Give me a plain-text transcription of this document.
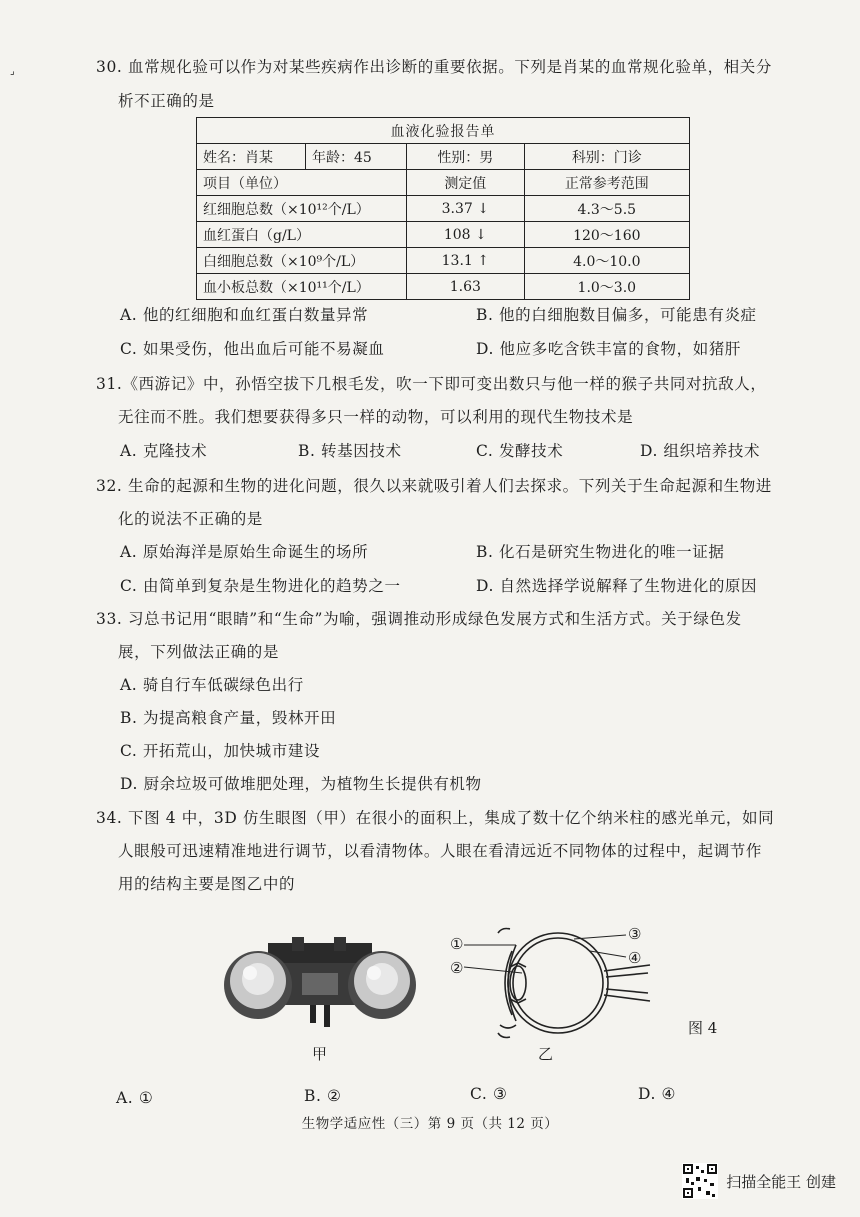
⌟	30. 血常规化验可以作为对某些疾病作出诊断的重要依据。下列是肖某的血常规化验单，相关分
析不正确的是
血液化验报告单			
姓名：肖某	年龄：45	性别：男	科别：门诊
项目（单位）		测定值	正常参考范围
红细胞总数（×10¹²个/L）		3.37 ↓	4.3～5.5
血红蛋白（g/L）		108 ↓	120～160
白细胞总数（×10⁹个/L）		13.1 ↑	4.0～10.0
血小板总数（×10¹¹个/L）		1.63	1.0～3.0
A. 他的红细胞和血红蛋白数量异常	B. 他的白细胞数目偏多，可能患有炎症
C. 如果受伤，他出血后可能不易凝血	D. 他应多吃含铁丰富的食物，如猪肝
31.《西游记》中，孙悟空拔下几根毛发，吹一下即可变出数只与他一样的猴子共同对抗敌人，
无往而不胜。我们想要获得多只一样的动物，可以利用的现代生物技术是
A. 克隆技术	B. 转基因技术	C. 发酵技术	D. 组织培养技术
32. 生命的起源和生物的进化问题，很久以来就吸引着人们去探求。下列关于生命起源和生物进
化的说法不正确的是
A. 原始海洋是原始生命诞生的场所	B. 化石是研究生物进化的唯一证据
C. 由简单到复杂是生物进化的趋势之一	D. 自然选择学说解释了生物进化的原因
33. 习总书记用“眼睛”和“生命”为喻，强调推动形成绿色发展方式和生活方式。关于绿色发
展，下列做法正确的是
A. 骑自行车低碳绿色出行
B. 为提高粮食产量，毁林开田
C. 开拓荒山，加快城市建设
D. 厨余垃圾可做堆肥处理，为植物生长提供有机物
34. 下图 4 中，3D 仿生眼图（甲）在很小的面积上，集成了数十亿个纳米柱的感光单元，如同
人眼般可迅速精准地进行调节，以看清物体。人眼在看清远近不同物体的过程中，起调节作
用的结构主要是图乙中的
①
②
③
④
图 4
甲	乙
A. ①	B. ②	C. ③	D. ④
生物学适应性（三）第 9 页（共 12 页）
扫描全能王 创建
